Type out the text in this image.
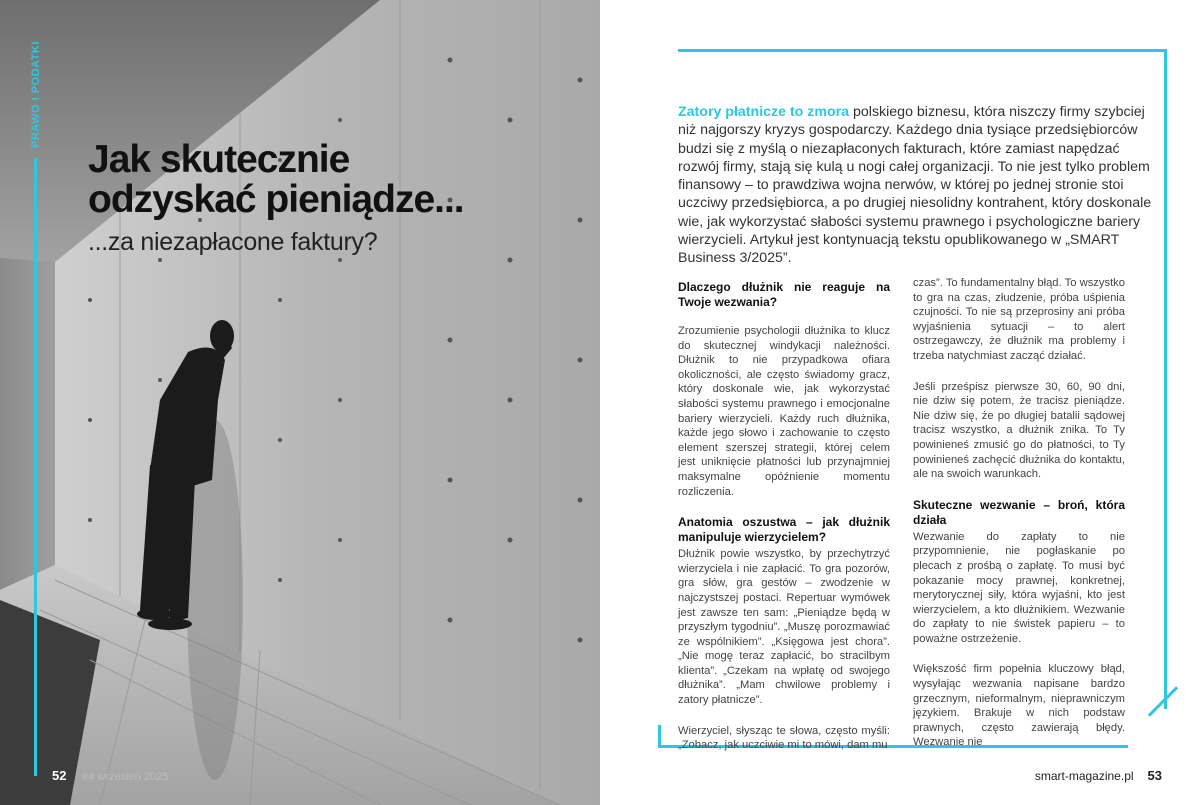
PRAWO I PODATKI
Jak skutecznie
odzyskać pieniądze...
...za niezapłacone faktury?
52 #4 wrzesień 2025

Zatory płatnicze to zmora polskiego biznesu, która niszczy firmy szybciej niż najgorszy kryzys gospodarczy. Każdego dnia tysiące przedsiębiorców budzi się z myślą o niezapłaconych fakturach, które zamiast napędzać rozwój firmy, stają się kulą u nogi całej organizacji. To nie jest tylko problem finansowy – to prawdziwa wojna nerwów, w której po jednej stronie stoi uczciwy przedsiębiorca, a po drugiej niesolidny kontrahent, który doskonale wie, jak wykorzystać słabości systemu prawnego i psychologiczne bariery wierzycieli. Artykuł jest kontynuacją tekstu opublikowanego w „SMART Business 3/2025”.

Dlaczego dłużnik nie reaguje na Twoje wezwania?

Zrozumienie psychologii dłużnika to klucz do skutecznej windykacji należności. Dłużnik to nie przypadkowa ofiara okoliczności, ale często świadomy gracz, który doskonale wie, jak wykorzystać słabości systemu prawnego i emocjonalne bariery wierzycieli. Każdy ruch dłużnika, każde jego słowo i zachowanie to często element szerszej strategii, której celem jest uniknięcie płatności lub przynajmniej maksymalne opóźnienie momentu rozliczenia.

Anatomia oszustwa – jak dłużnik manipuluje wierzycielem?

Dłużnik powie wszystko, by przechytrzyć wierzyciela i nie zapłacić. To gra pozorów, gra słów, gra gestów – zwodzenie w najczystszej postaci. Repertuar wymówek jest zawsze ten sam: „Pieniądze będą w przyszłym tygodniu”. „Muszę porozmawiać ze wspólnikiem”. „Księgowa jest chora”. „Nie mogę teraz zapłacić, bo stracilbym klienta”. „Czekam na wpłatę od swojego dłużnika”. „Mam chwilowe problemy i zatory płatnicze”.

Wierzyciel, słysząc te słowa, często myśli: „Zobacz, jak uczciwie mi to mówi, dam mu

czas”. To fundamentalny błąd. To wszystko to gra na czas, złudzenie, próba uśpienia czujności. To nie są przeprosiny ani próba wyjaśnienia sytuacji – to alert ostrzegawczy, że dłużnik ma problemy i trzeba natychmiast zacząć działać.

Jeśli prześpisz pierwsze 30, 60, 90 dni, nie dziw się potem, że tracisz pieniądze. Nie dziw się, że po długiej batalii sądowej tracisz wszystko, a dłużnik znika. To Ty powinieneś zmusić go do płatności, to Ty powinieneś zachęcić dłużnika do kontaktu, ale na swoich warunkach.

Skuteczne wezwanie – broń, która działa

Wezwanie do zapłaty to nie przypomnienie, nie pogłaskanie po plecach z prośbą o zapłatę. To musi być pokazanie mocy prawnej, konkretnej, merytorycznej siły, która wyjaśni, kto jest wierzycielem, a kto dłużnikiem. Wezwanie do zapłaty to nie świstek papieru – to poważne ostrzeżenie.

Większość firm popełnia kluczowy błąd, wysyłając wezwania napisane bardzo grzecznym, nieformalnym, nieprawniczym językiem. Brakuje w nich podstaw prawnych, często zawierają błędy. Wezwanie nie

smart-magazine.pl 53
